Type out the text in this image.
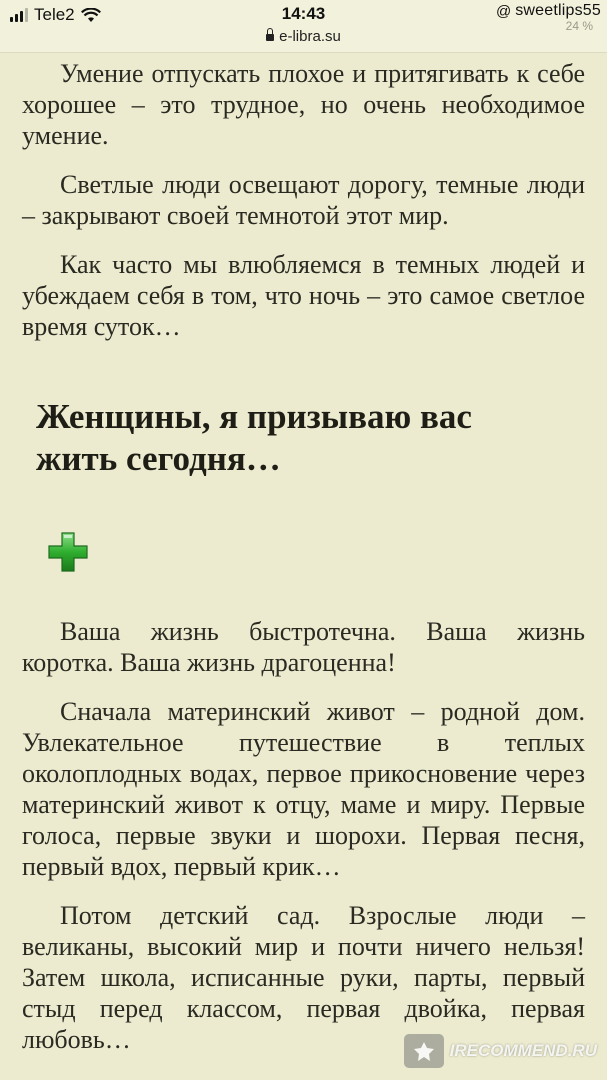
Tele2	14:43
e-libra.su
@ sweetlips55
24 %

Умение отпускать плохое и притягивать к себе хорошее – это трудное, но очень необходимое умение.

Светлые люди освещают дорогу, темные люди – закрывают своей темнотой этот мир.

Как часто мы влюбляемся в темных людей и убеждаем себя в том, что ночь – это самое светлое время суток…

Женщины, я призываю вас
жить сегодня…

Ваша жизнь быстротечна. Ваша жизнь коротка. Ваша жизнь драгоценна!

Сначала материнский живот – родной дом. Увлекательное путешествие в теплых околоплодных водах, первое прикосновение через материнский живот к отцу, маме и миру. Первые голоса, первые звуки и шорохи. Первая песня, первый вдох, первый крик…

Потом детский сад. Взрослые люди – великаны, высокий мир и почти ничего нельзя! Затем школа, исписанные руки, парты, первый стыд перед классом, первая двойка, первая любовь…	IRECOMMEND.RU
